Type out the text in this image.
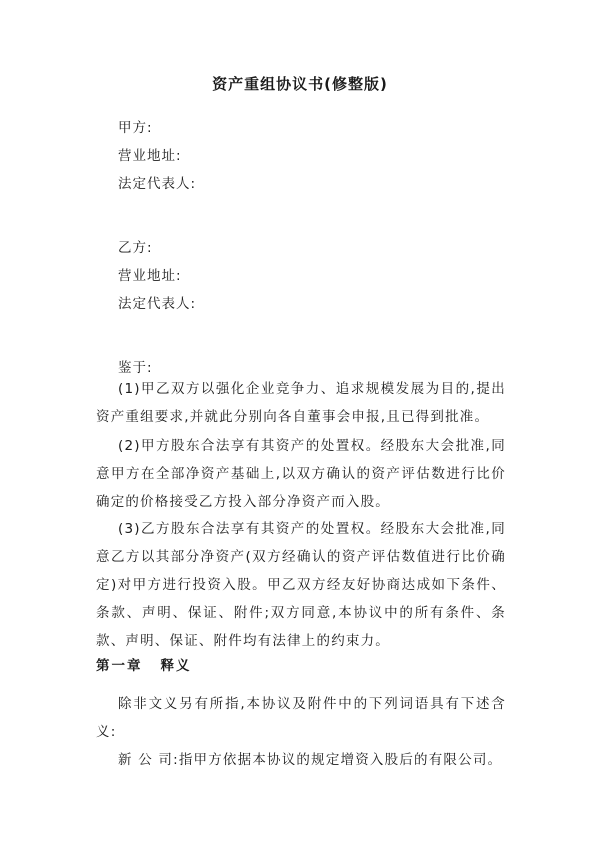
资产重组协议书(修整版)
甲方:
营业地址:
法定代表人:
乙方:
营业地址:
法定代表人:
鉴于:
(1)甲乙双方以强化企业竞争力、追求规模发展为目的,提出资产重组要求,并就此分别向各自董事会申报,且已得到批准。
(2)甲方股东合法享有其资产的处置权。经股东大会批准,同意甲方在全部净资产基础上,以双方确认的资产评估数进行比价确定的价格接受乙方投入部分净资产而入股。
(3)乙方股东合法享有其资产的处置权。经股东大会批准,同意乙方以其部分净资产(双方经确认的资产评估数值进行比价确定)对甲方进行投资入股。甲乙双方经友好协商达成如下条件、条款、声明、保证、附件;双方同意,本协议中的所有条件、条款、声明、保证、附件均有法律上的约束力。
第一章 释义
除非文义另有所指,本协议及附件中的下列词语具有下述含义:
新 公 司:指甲方依据本协议的规定增资入股后的有限公司。
